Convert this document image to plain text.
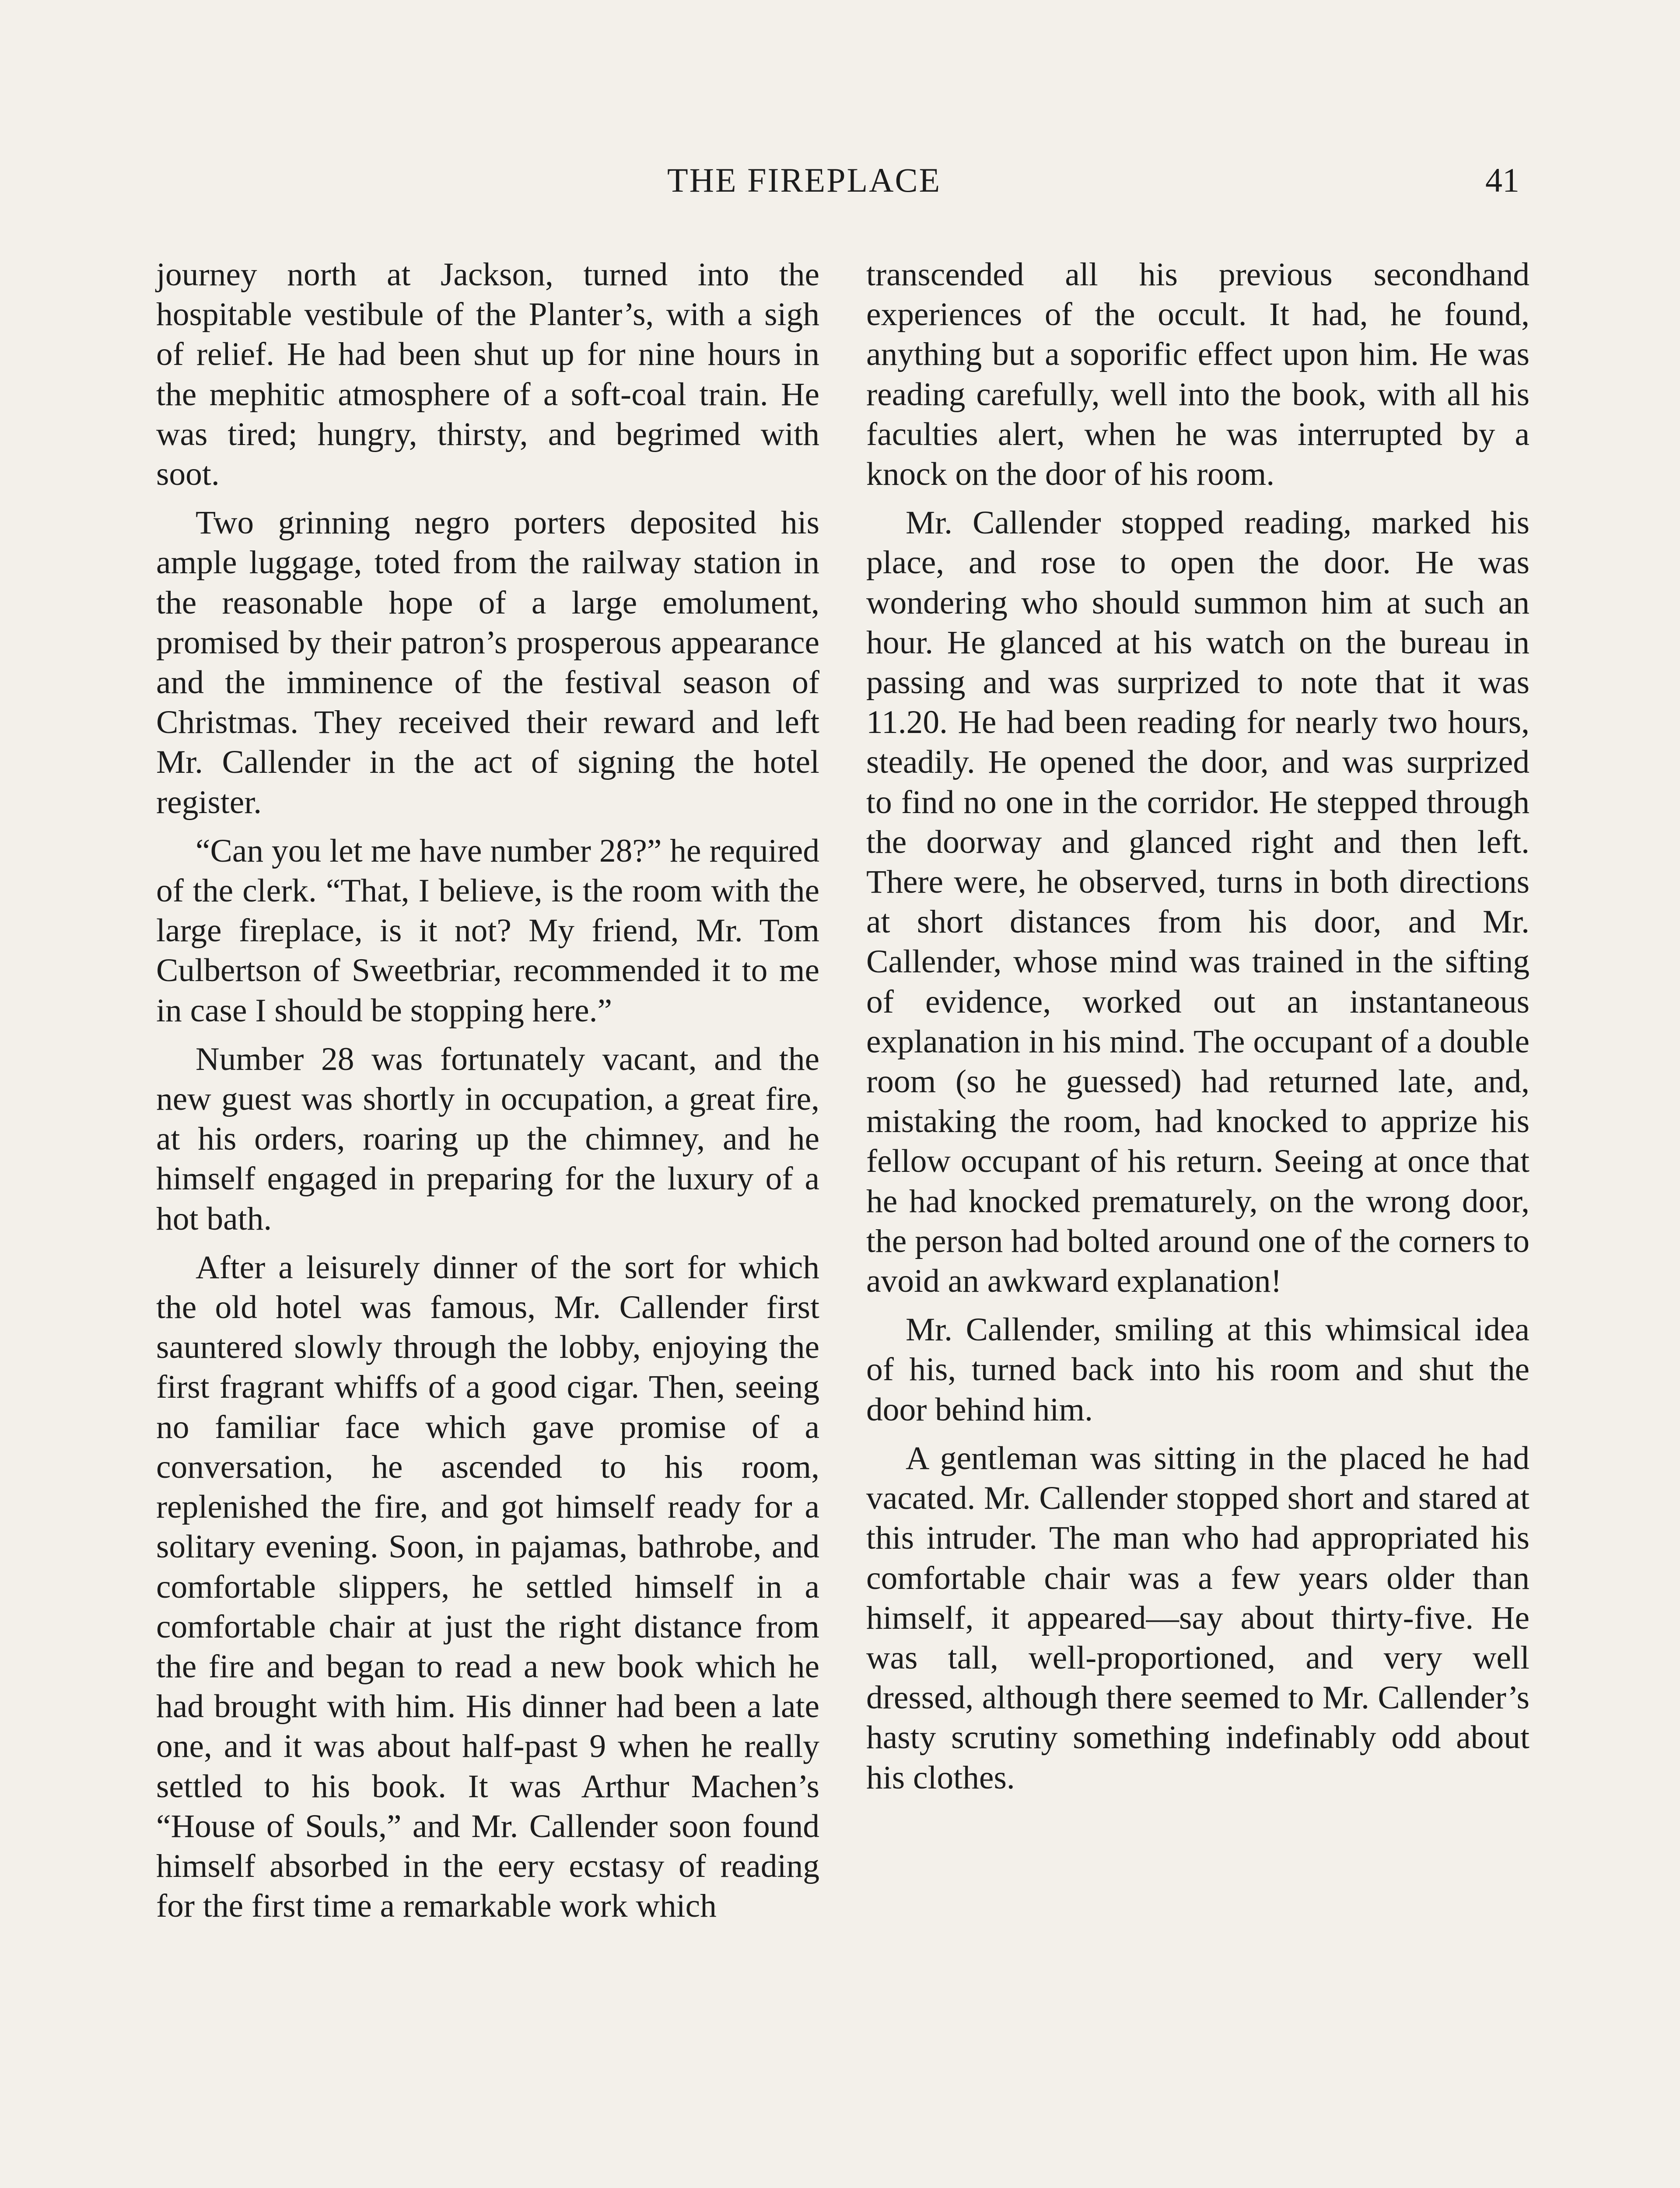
THE FIREPLACE	41

journey north at Jackson, turned into the hospitable vestibule of the Planter’s, with a sigh of relief. He had been shut up for nine hours in the mephitic atmosphere of a soft-coal train. He was tired; hungry, thirsty, and begrimed with soot.

Two grinning negro porters deposited his ample luggage, toted from the railway station in the reasonable hope of a large emolument, promised by their patron’s prosperous appearance and the imminence of the festival season of Christmas. They received their reward and left Mr. Callender in the act of signing the hotel register.

“Can you let me have number 28?” he required of the clerk. “That, I believe, is the room with the large fireplace, is it not? My friend, Mr. Tom Culbertson of Sweetbriar, recommended it to me in case I should be stopping here.”

Number 28 was fortunately vacant, and the new guest was shortly in occupation, a great fire, at his orders, roaring up the chimney, and he himself engaged in preparing for the luxury of a hot bath.

After a leisurely dinner of the sort for which the old hotel was famous, Mr. Callender first sauntered slowly through the lobby, enjoying the first fragrant whiffs of a good cigar. Then, seeing no familiar face which gave promise of a conversation, he ascended to his room, replenished the fire, and got himself ready for a solitary evening. Soon, in pajamas, bathrobe, and comfortable slippers, he settled himself in a comfortable chair at just the right distance from the fire and began to read a new book which he had brought with him. His dinner had been a late one, and it was about half-past 9 when he really settled to his book. It was Arthur Machen’s “House of Souls,” and Mr. Callender soon found himself absorbed in the eery ecstasy of reading for the first time a remarkable work which

transcended all his previous secondhand experiences of the occult. It had, he found, anything but a soporific effect upon him. He was reading carefully, well into the book, with all his faculties alert, when he was interrupted by a knock on the door of his room.

Mr. Callender stopped reading, marked his place, and rose to open the door. He was wondering who should summon him at such an hour. He glanced at his watch on the bureau in passing and was surprized to note that it was 11.20. He had been reading for nearly two hours, steadily. He opened the door, and was surprized to find no one in the corridor. He stepped through the doorway and glanced right and then left. There were, he observed, turns in both directions at short distances from his door, and Mr. Callender, whose mind was trained in the sifting of evidence, worked out an instantaneous explanation in his mind. The occupant of a double room (so he guessed) had returned late, and, mistaking the room, had knocked to apprize his fellow occupant of his return. Seeing at once that he had knocked prematurely, on the wrong door, the person had bolted around one of the corners to avoid an awkward explanation!

Mr. Callender, smiling at this whimsical idea of his, turned back into his room and shut the door behind him.

A gentleman was sitting in the placed he had vacated. Mr. Callender stopped short and stared at this intruder. The man who had appropriated his comfortable chair was a few years older than himself, it appeared—say about thirty-five. He was tall, well-proportioned, and very well dressed, although there seemed to Mr. Callender’s hasty scrutiny something indefinably odd about his clothes.
